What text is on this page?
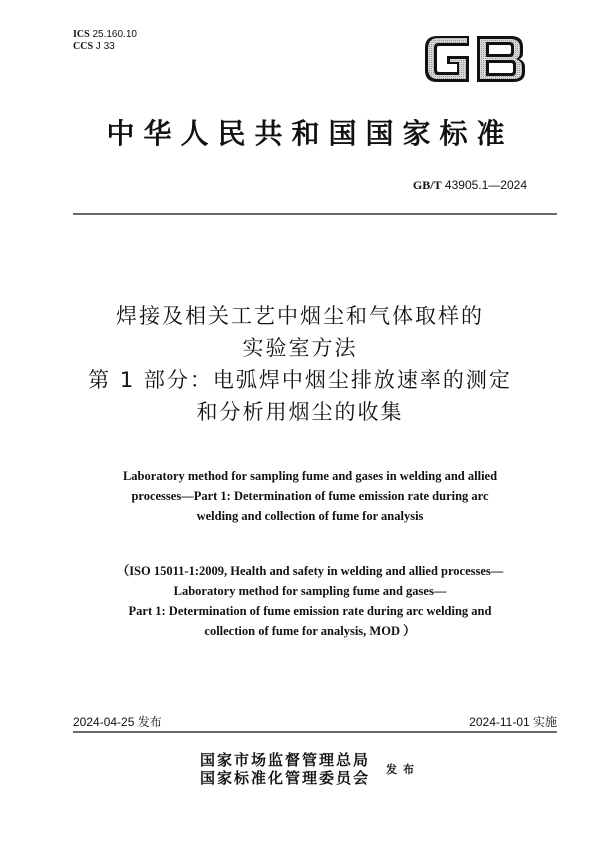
ICS 25.160.10
CCS J 33
中华人民共和国国家标准
GB/T 43905.1—2024
焊接及相关工艺中烟尘和气体取样的
实验室方法
第 1 部分：电弧焊中烟尘排放速率的测定
和分析用烟尘的收集
Laboratory method for sampling fume and gases in welding and allied
processes—Part 1: Determination of fume emission rate during arc
welding and collection of fume for analysis
（ISO 15011-1:2009, Health and safety in welding and allied processes—
Laboratory method for sampling fume and gases—
Part 1: Determination of fume emission rate during arc welding and
collection of fume for analysis, MOD ）
2024-04-25 发布	2024-11-01 实施
国家市场监督管理总局
国家标准化管理委员会 发布
